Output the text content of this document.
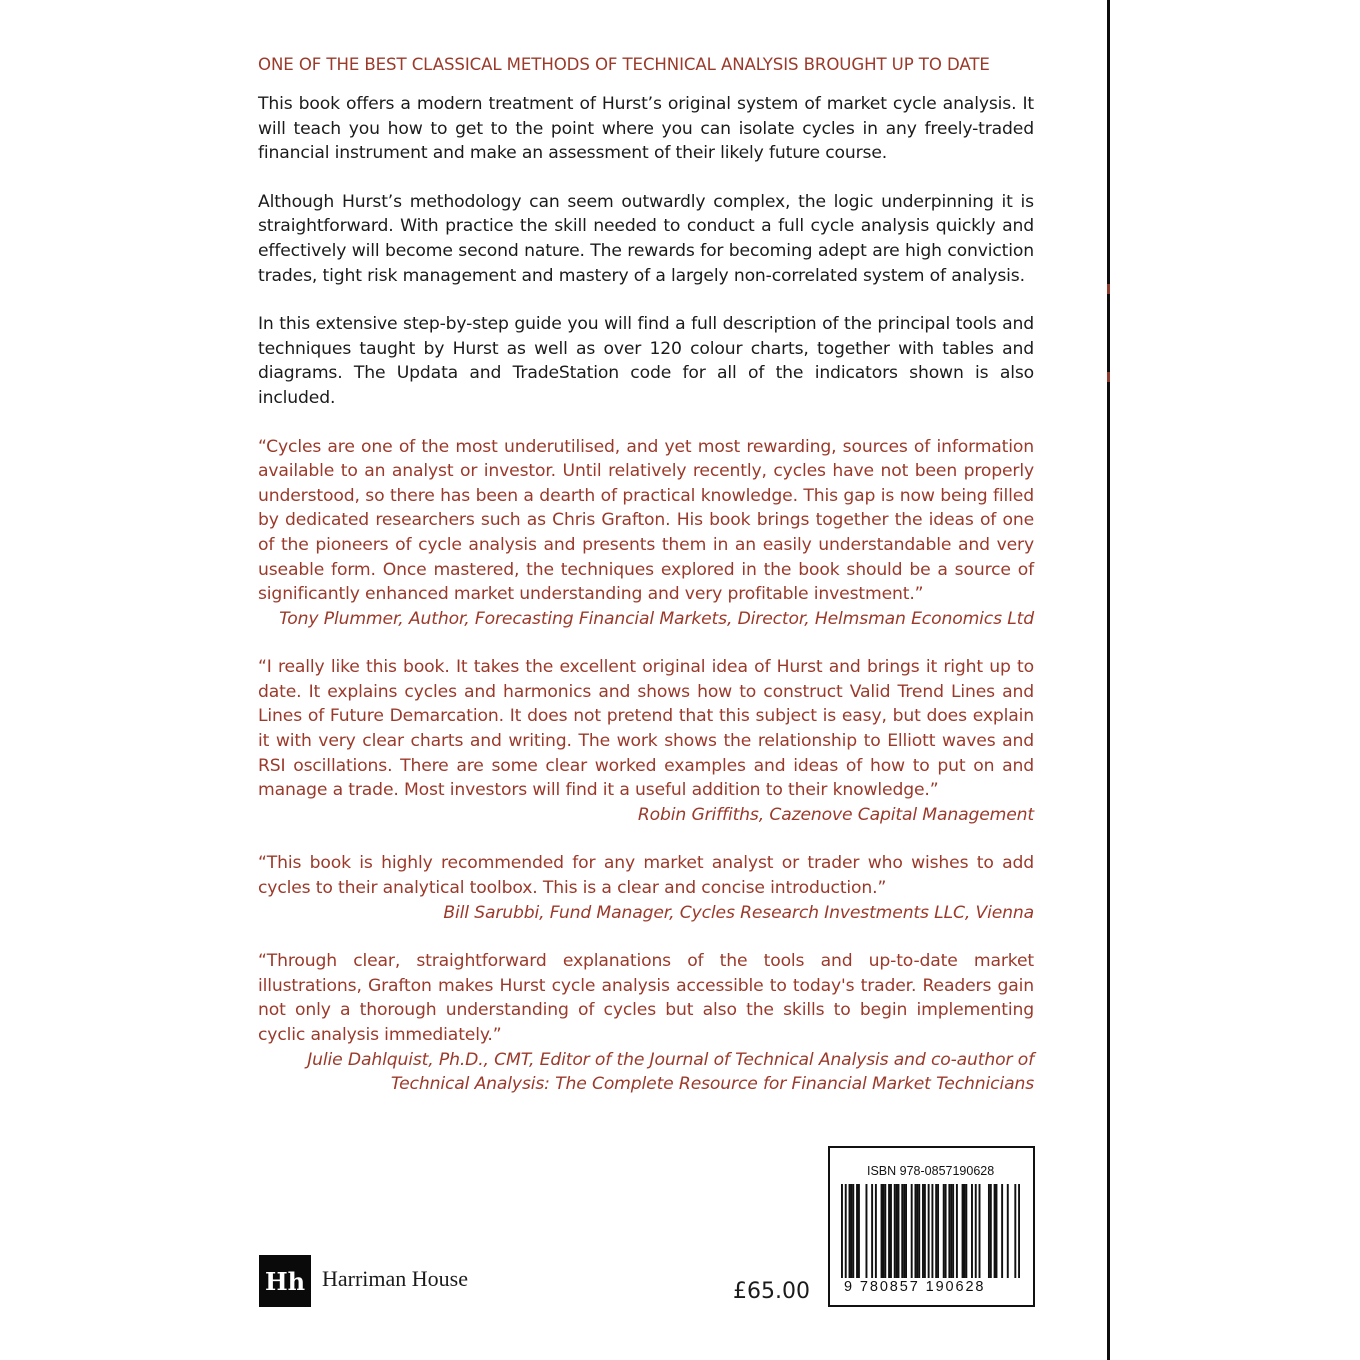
ONE OF THE BEST CLASSICAL METHODS OF TECHNICAL ANALYSIS BROUGHT UP TO DATE

This book offers a modern treatment of Hurst’s original system of market cycle analysis. It will teach you how to get to the point where you can isolate cycles in any freely-traded financial instrument and make an assessment of their likely future course.

Although Hurst’s methodology can seem outwardly complex, the logic underpinning it is straightforward. With practice the skill needed to conduct a full cycle analysis quickly and effectively will become second nature. The rewards for becoming adept are high conviction trades, tight risk management and mastery of a largely non-correlated system of analysis.

In this extensive step-by-step guide you will find a full description of the principal tools and techniques taught by Hurst as well as over 120 colour charts, together with tables and diagrams. The Updata and TradeStation code for all of the indicators shown is also included.

“Cycles are one of the most underutilised, and yet most rewarding, sources of information available to an analyst or investor. Until relatively recently, cycles have not been properly understood, so there has been a dearth of practical knowledge. This gap is now being filled by dedicated researchers such as Chris Grafton. His book brings together the ideas of one of the pioneers of cycle analysis and presents them in an easily understandable and very useable form. Once mastered, the techniques explored in the book should be a source of significantly enhanced market understanding and very profitable investment.”

Tony Plummer, Author, Forecasting Financial Markets, Director, Helmsman Economics Ltd

“I really like this book. It takes the excellent original idea of Hurst and brings it right up to date. It explains cycles and harmonics and shows how to construct Valid Trend Lines and Lines of Future Demarcation. It does not pretend that this subject is easy, but does explain it with very clear charts and writing. The work shows the relationship to Elliott waves and RSI oscillations. There are some clear worked examples and ideas of how to put on and manage a trade. Most investors will find it a useful addition to their knowledge.”

Robin Griffiths, Cazenove Capital Management

“This book is highly recommended for any market analyst or trader who wishes to add cycles to their analytical toolbox. This is a clear and concise introduction.”

Bill Sarubbi, Fund Manager, Cycles Research Investments LLC, Vienna

“Through clear, straightforward explanations of the tools and up-to-date market illustrations, Grafton makes Hurst cycle analysis accessible to today's trader. Readers gain not only a thorough understanding of cycles but also the skills to begin implementing cyclic analysis immediately.”

Julie Dahlquist, Ph.D., CMT, Editor of the Journal of Technical Analysis and co-author of Technical Analysis: The Complete Resource for Financial Market Technicians

Hh Harriman House
£65.00
ISBN 978-0857190628
9 780857 190628
